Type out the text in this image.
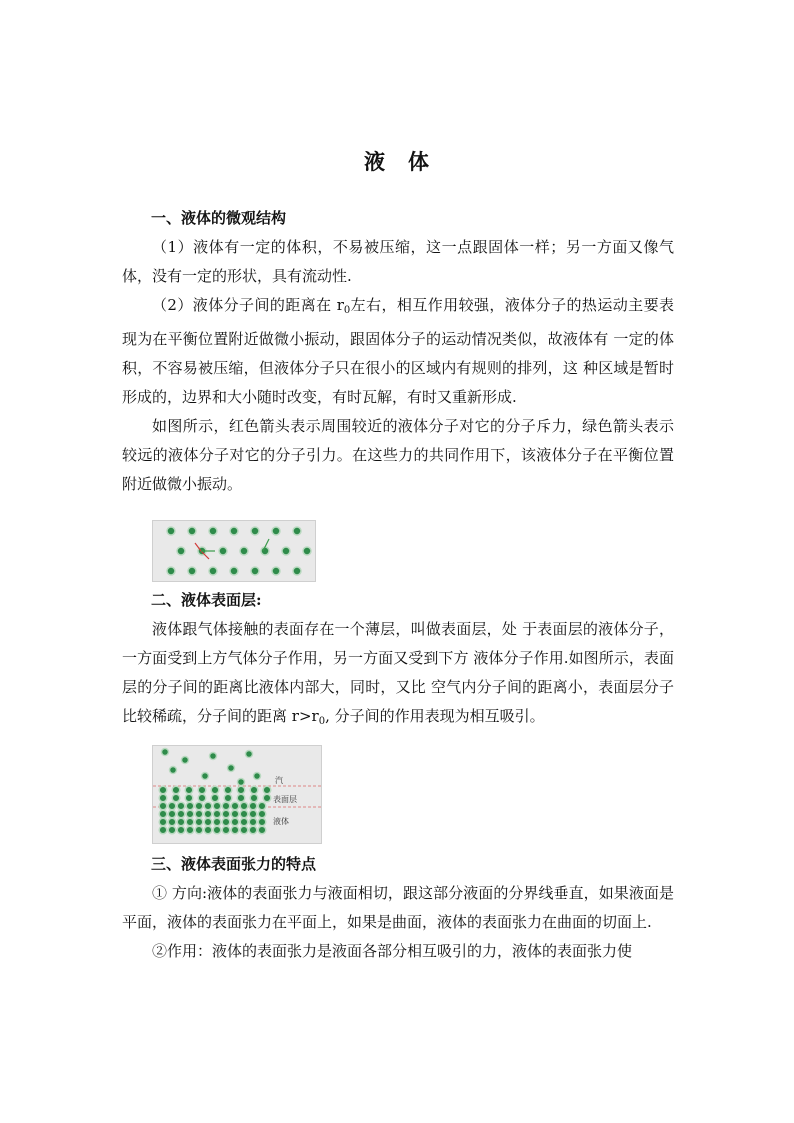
液 体
一、液体的微观结构

（1）液体有一定的体积，不易被压缩，这一点跟固体一样；另一方面又像气体，没有一定的形状，具有流动性.

（2）液体分子间的距离在 $r_0$左右，相互作用较强，液体分子的热运动主要表现为在平衡位置附近做微小振动，跟固体分子的运动情况类似，故液体有 一定的体积，不容易被压缩，但液体分子只在很小的区域内有规则的排列，这 种区域是暂时形成的，边界和大小随时改变，有时瓦解，有时又重新形成.

如图所示，红色箭头表示周围较近的液体分子对它的分子斥力，绿色箭头表示较远的液体分子对它的分子引力。在这些力的共同作用下，该液体分子在平衡位置附近做微小振动。

二、液体表面层:

液体跟气体接触的表面存在一个薄层，叫做表面层，处 于表面层的液体分子， 一方面受到上方气体分子作用，另一方面又受到下方 液体分子作用.如图所示，表面层的分子间的距离比液体内部大，同时，又比 空气内分子间的距离小，表面层分子比较稀疏，分子间的距离 $r>r_0$, 分子间的作用表现为相互吸引。

汽
表面层
液体
三、液体表面张力的特点

① 方向:液体的表面张力与液面相切，跟这部分液面的分界线垂直，如果液面是平面，液体的表面张力在平面上，如果是曲面，液体的表面张力在曲面的切面上.

②作用：液体的表面张力是液面各部分相互吸引的力，液体的表面张力使
